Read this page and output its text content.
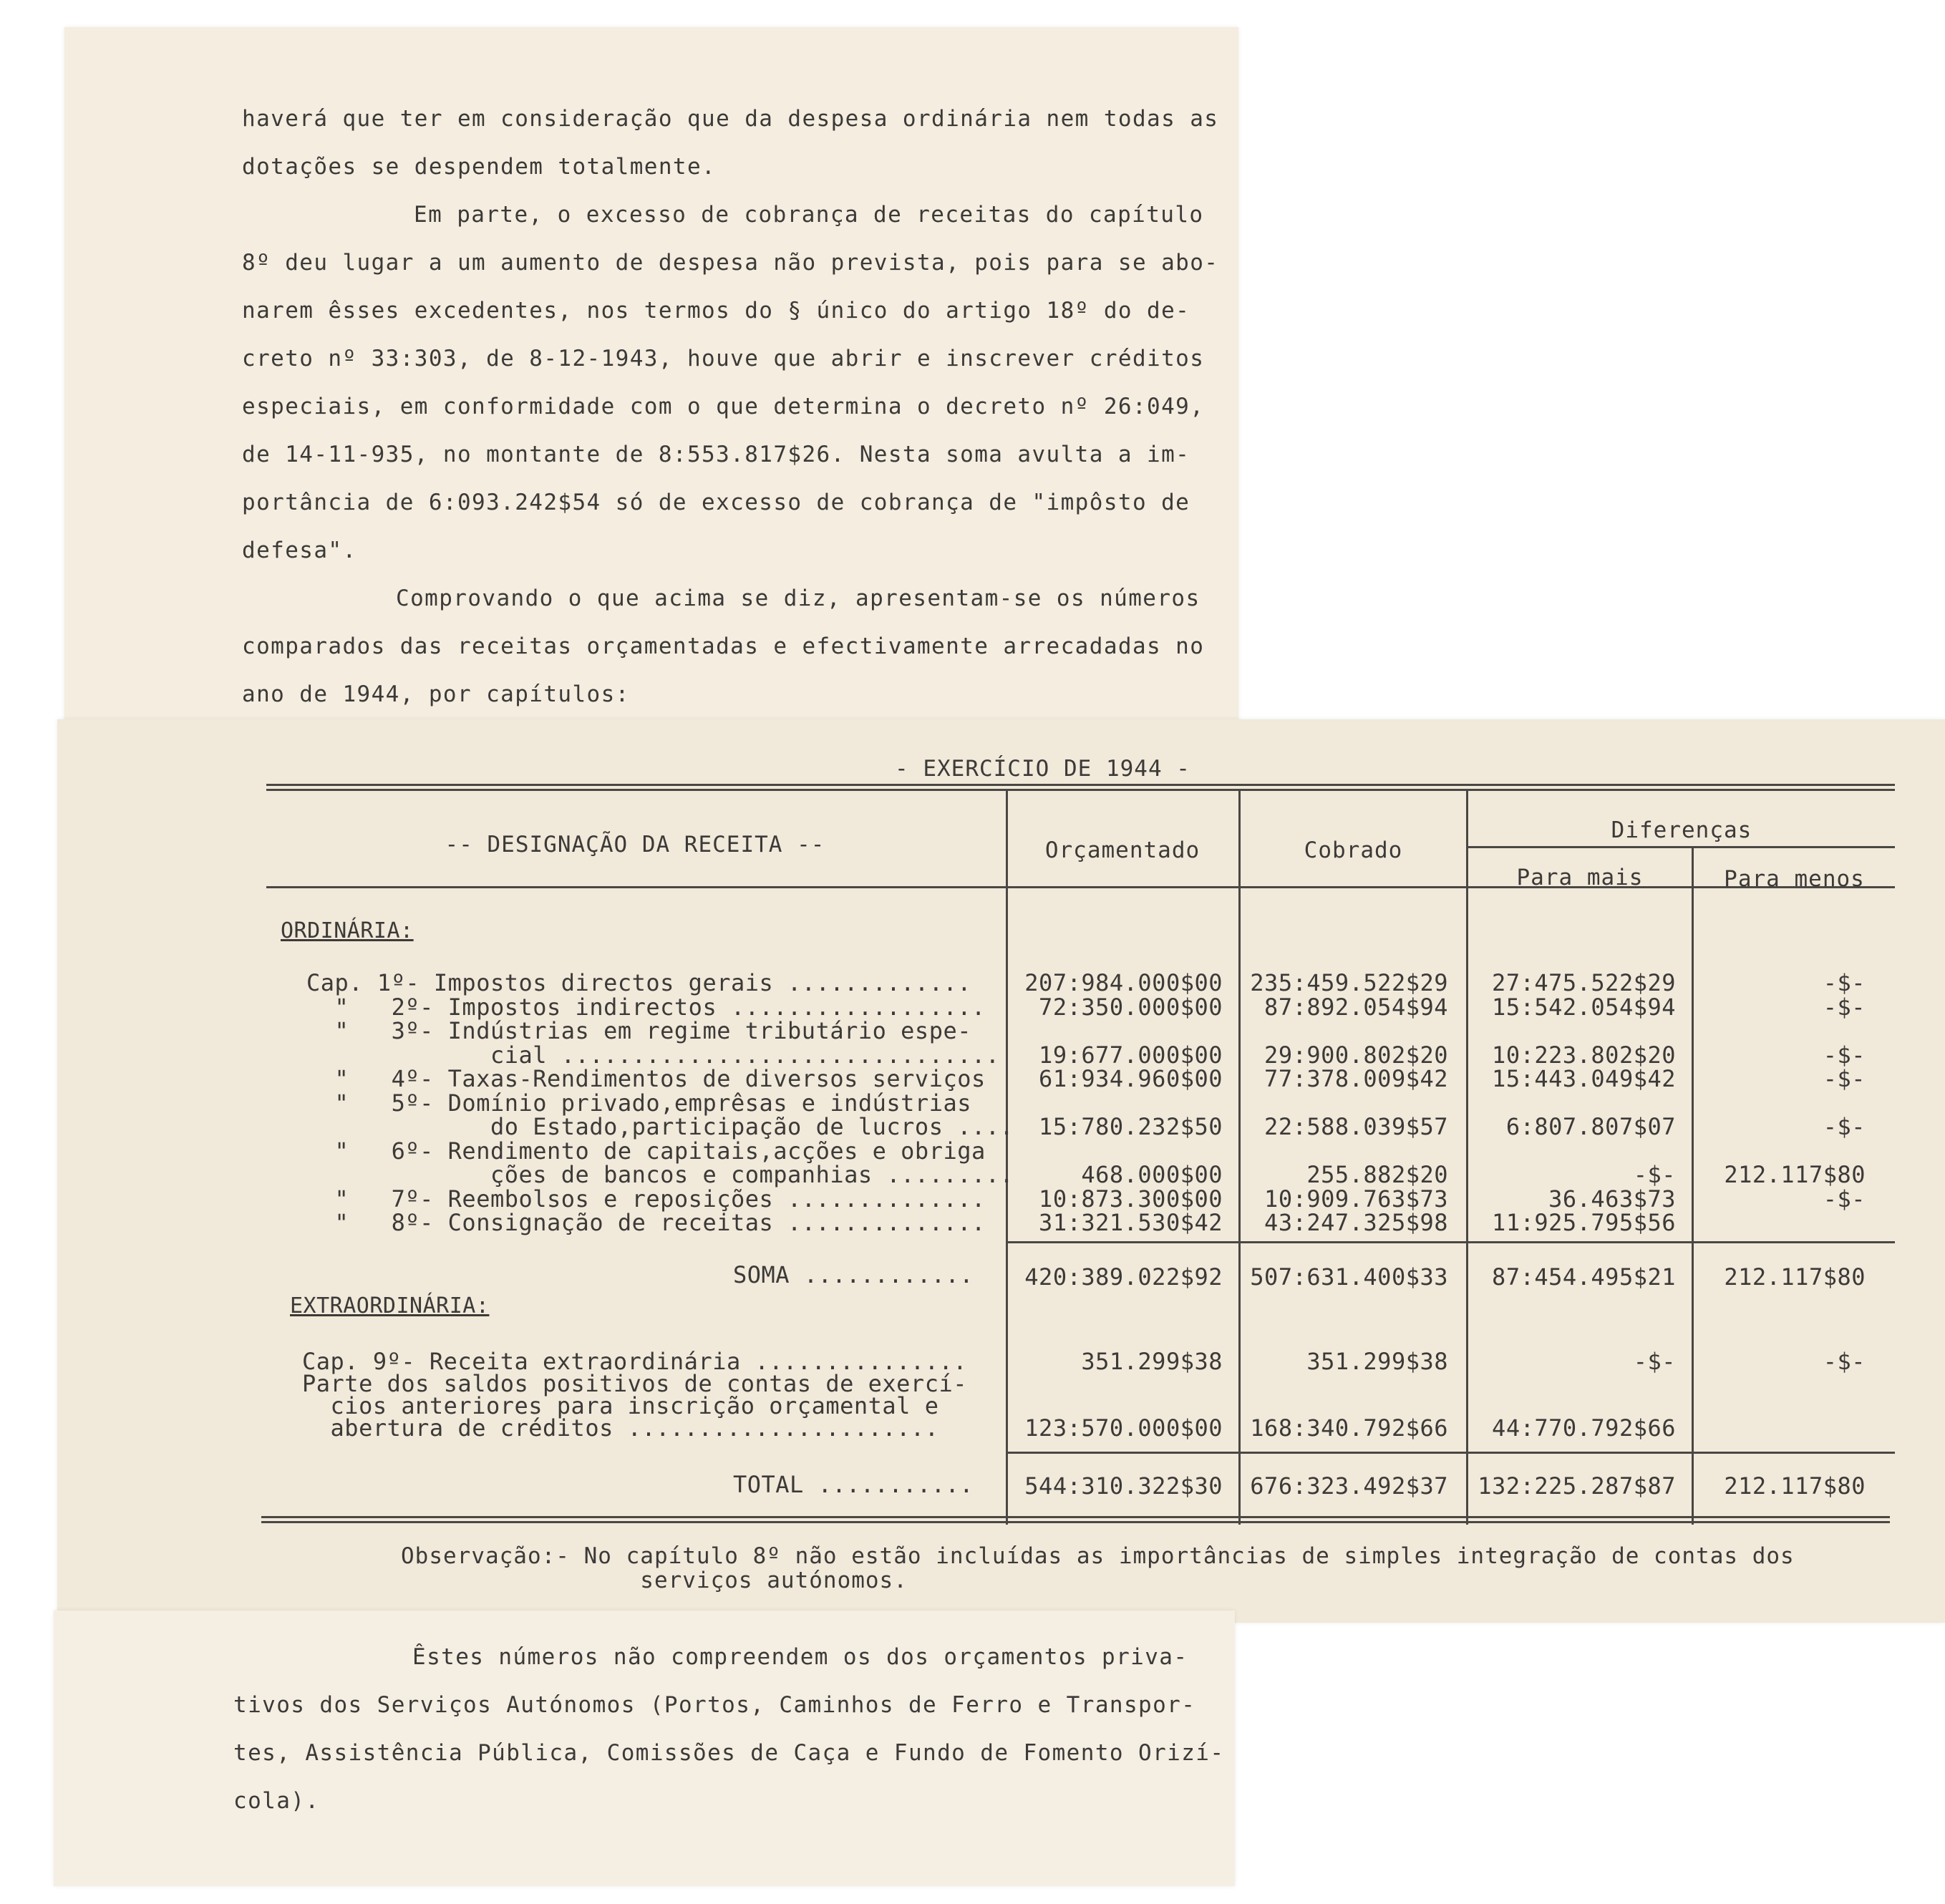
haverá que ter em consideração que da despesa ordinária nem todas as
dotações se despendem totalmente.
Em parte, o excesso de cobrança de receitas do capítulo
8º deu lugar a um aumento de despesa não prevista, pois para se abo-
narem êsses excedentes, nos termos do § único do artigo 18º do de-
creto nº 33:303, de 8-12-1943, houve que abrir e inscrever créditos
especiais, em conformidade com o que determina o decreto nº 26:049,
de 14-11-935, no montante de 8:553.817$26. Nesta soma avulta a im-
portância de 6:093.242$54 só de excesso de cobrança de "impôsto de
defesa".
Comprovando o que acima se diz, apresentam-se os números
comparados das receitas orçamentadas e efectivamente arrecadadas no
ano de 1944, por capítulos:
- EXERCÍCIO DE 1944 -
-- DESIGNAÇÃO DA RECEITA --	Orçamentado	Cobrado
Diferenças
Para mais	Para menos
ORDINÁRIA:
Cap. 1º- Impostos directos gerais .............	207:984.000$00	235:459.522$29	27:475.522$29	-$-
"   2º- Impostos indirectos ..................	72:350.000$00	87:892.054$94	15:542.054$94	-$-
"   3º- Indústrias em regime tributário espe-
cial ...............................	19:677.000$00	29:900.802$20	10:223.802$20	-$-
"   4º- Taxas-Rendimentos de diversos serviços	61:934.960$00	77:378.009$42	15:443.049$42	-$-
"   5º- Domínio privado,emprêsas e indústrias
do Estado,participação de lucros ....	15:780.232$50	22:588.039$57	6:807.807$07	-$-
"   6º- Rendimento de capitais,acções e obriga
ções de bancos e companhias .........	468.000$00	255.882$20	-$-	212.117$80
"   7º- Reembolsos e reposições ..............	10:873.300$00	10:909.763$73	36.463$73	-$-
"   8º- Consignação de receitas ..............	31:321.530$42	43:247.325$98	11:925.795$56
SOMA ............	420:389.022$92	507:631.400$33	87:454.495$21	212.117$80
EXTRAORDINÁRIA:
Cap. 9º- Receita extraordinária ...............	351.299$38	351.299$38	-$-	-$-
Parte dos saldos positivos de contas de exercí-
cios anteriores para inscrição orçamental e
abertura de créditos ......................	123:570.000$00	168:340.792$66	44:770.792$66
TOTAL ...........	544:310.322$30	676:323.492$37	132:225.287$87	212.117$80
Observação:- No capítulo 8º não estão incluídas as importâncias de simples integração de contas dos
serviços autónomos.
Êstes números não compreendem os dos orçamentos priva-
tivos dos Serviços Autónomos (Portos, Caminhos de Ferro e Transpor-
tes, Assistência Pública, Comissões de Caça e Fundo de Fomento Orizí-
cola).
